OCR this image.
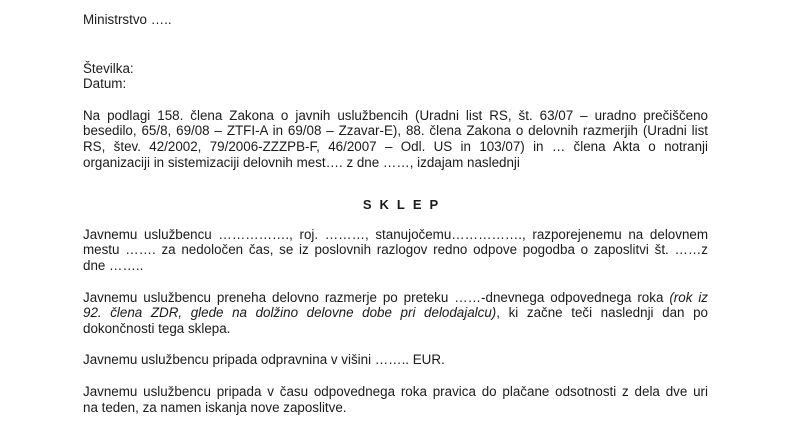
Ministrstvo …..
Številka:
Datum:
Na podlagi 158. člena Zakona o javnih uslužbencih (Uradni list RS, št. 63/07 – uradno prečiščeno
besedilo, 65/8, 69/08 – ZTFI-A in 69/08 – Zzavar-E), 88. člena Zakona o delovnih razmerjih (Uradni list
RS, štev. 42/2002, 79/2006-ZZZPB-F, 46/2007 – Odl. US in 103/07) in … člena Akta o notranji
organizaciji in sistemizaciji delovnih mest…. z dne ……, izdajam naslednji
SKLEP
Javnemu uslužbencu ……………., roj. ………, stanujočemu……………., razporejenemu na delovnem
mestu ……. za nedoločen čas, se iz poslovnih razlogov redno odpove pogodba o zaposlitvi št. ……z
dne ……..
Javnemu uslužbencu preneha delovno razmerje po preteku ……-dnevnega odpovednega roka (rok iz
92. člena ZDR, glede na dolžino delovne dobe pri delodajalcu), ki začne teči naslednji dan po
dokončnosti tega sklepa.
Javnemu uslužbencu pripada odpravnina v višini …….. EUR.
Javnemu uslužbencu pripada v času odpovednega roka pravica do plačane odsotnosti z dela dve uri
na teden, za namen iskanja nove zaposlitve.
